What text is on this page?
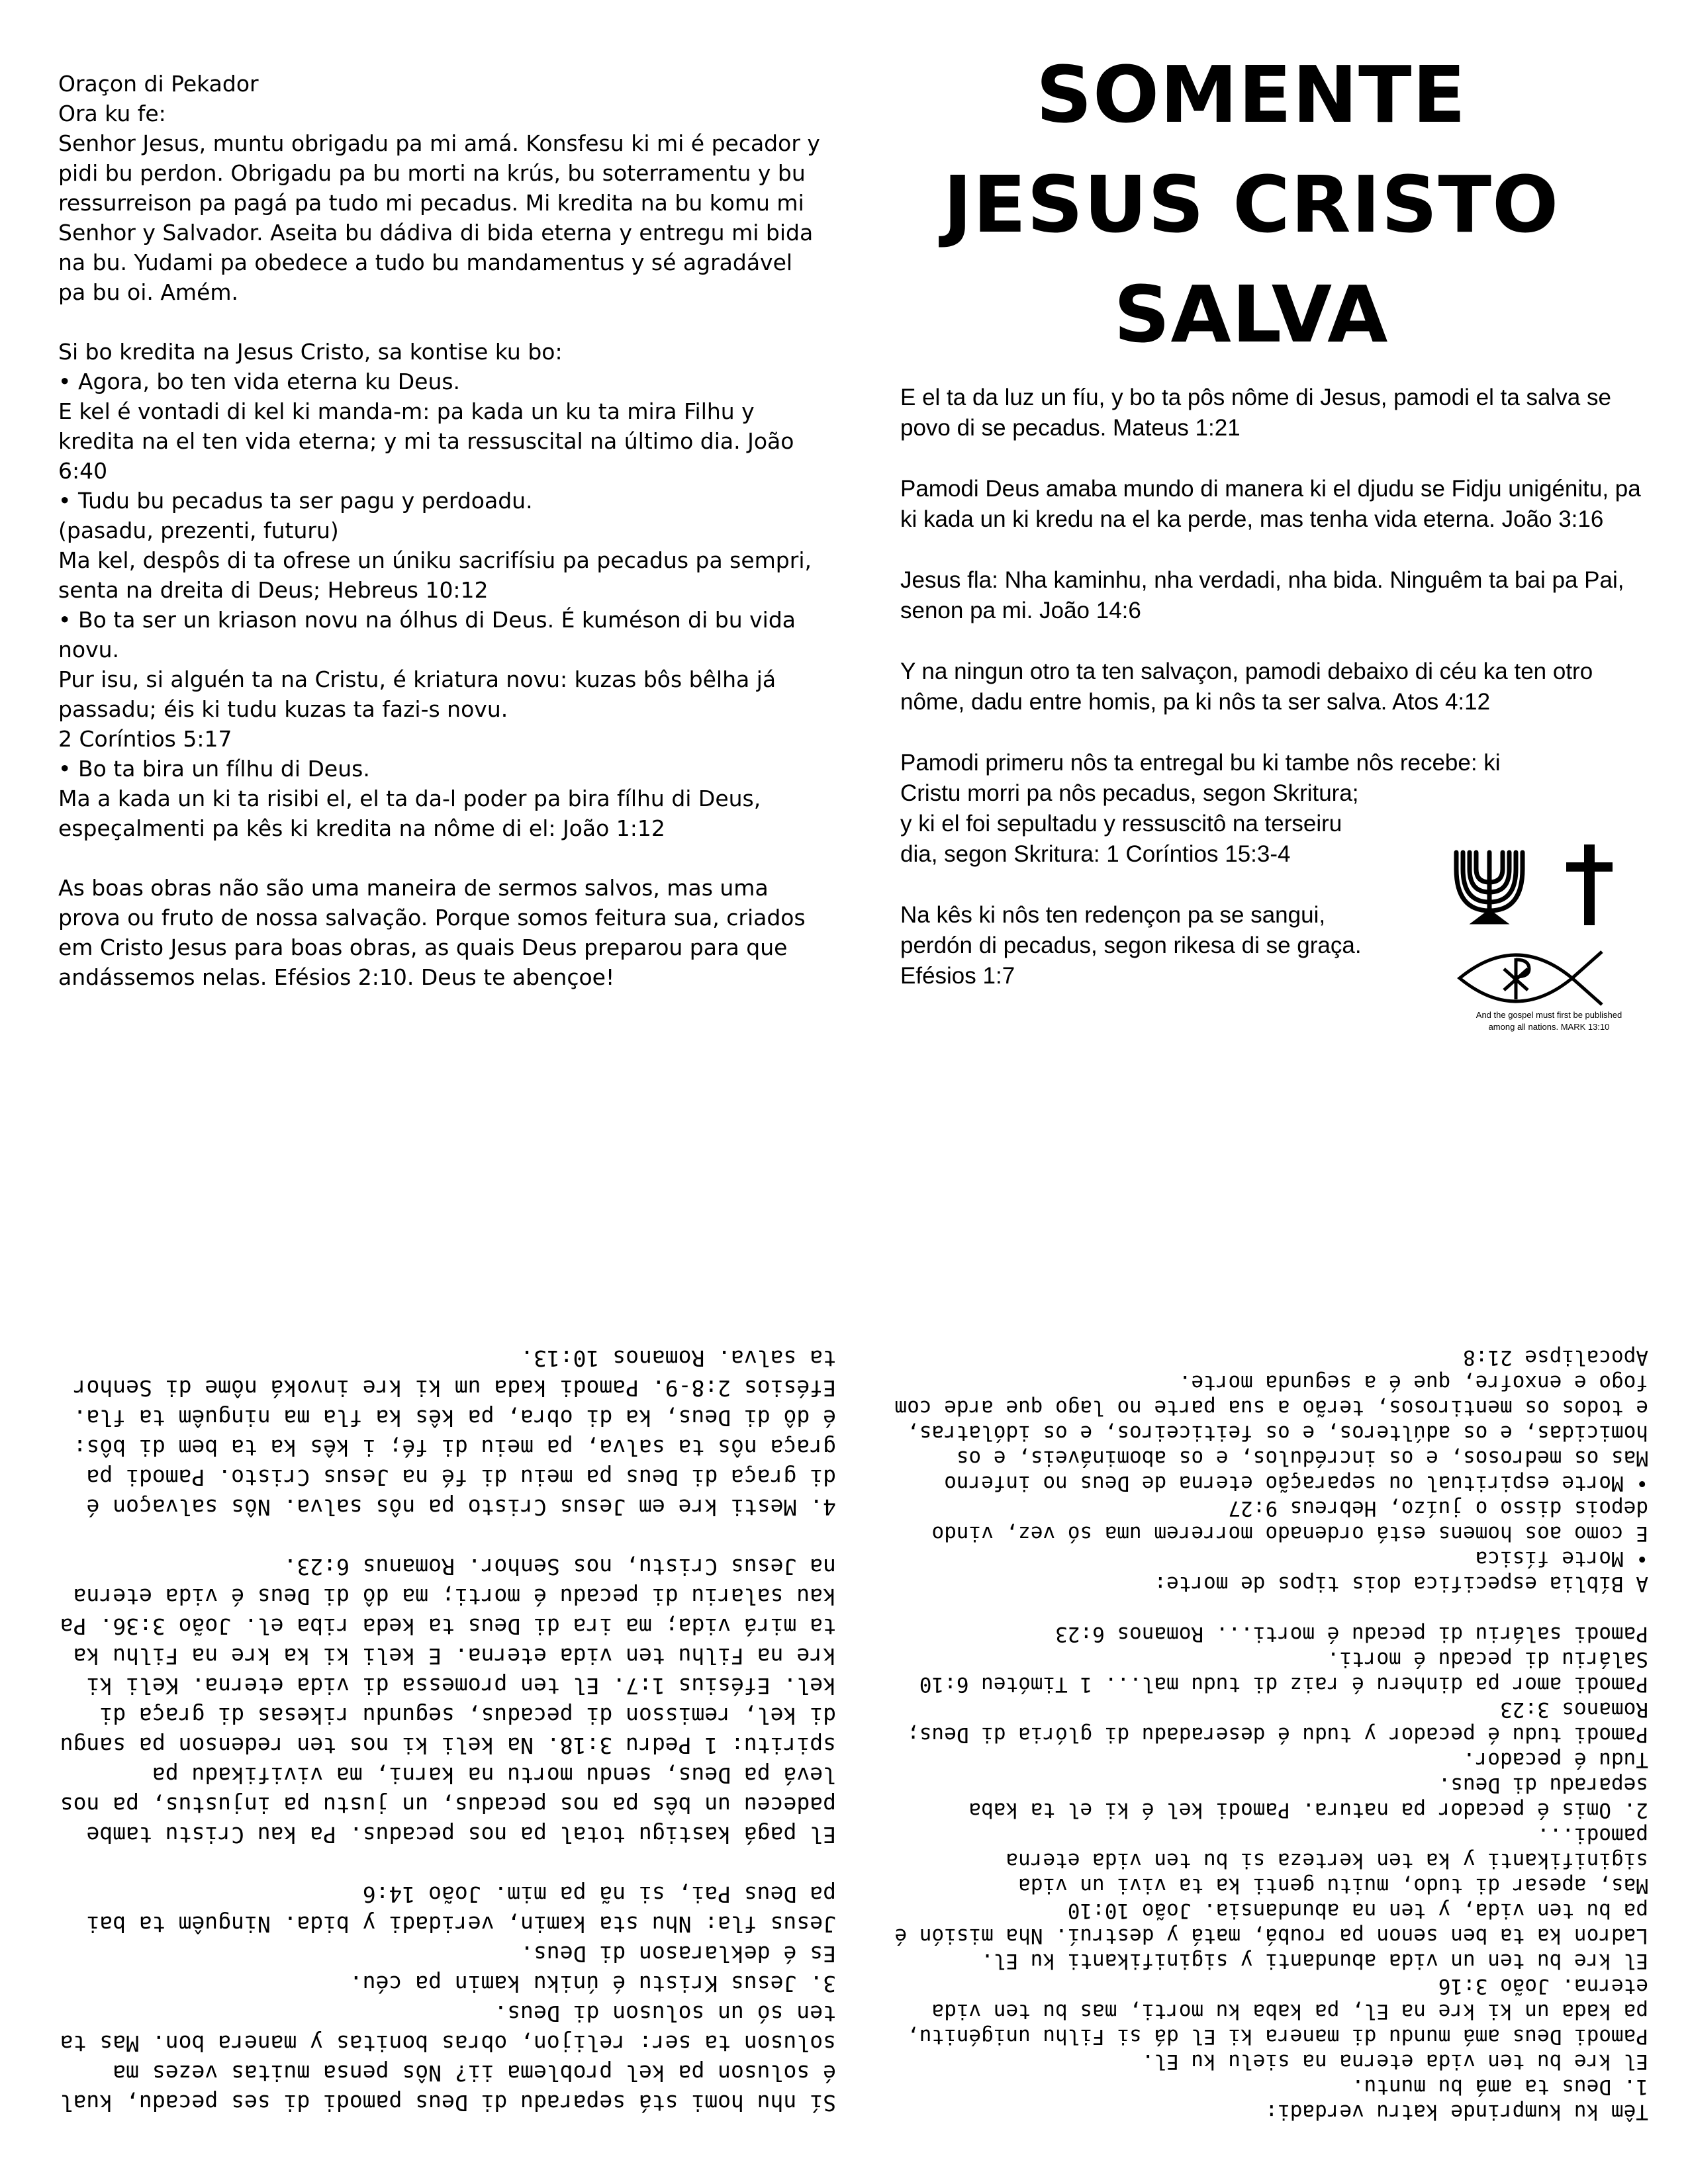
Oraçon di Pekador
Ora ku fe:
Senhor Jesus, muntu obrigadu pa mi amá. Konsfesu ki mi é pecador y pidi bu perdon. Obrigadu pa bu morti na krús, bu soterramentu y bu ressurreison pa pagá pa tudo mi pecadus. Mi kredita na bu komu mi Senhor y Salvador. Aseita bu dádiva di bida eterna y entregu mi bida na bu. Yudami pa obedece a tudo bu mandamentus y sé agradável pa bu oi. Amém.
Si bo kredita na Jesus Cristo, sa kontise ku bo:
• Agora, bo ten vida eterna ku Deus.
E kel é vontadi di kel ki manda-m: pa kada un ku ta mira Filhu y kredita na el ten vida eterna; y mi ta ressuscital na último dia. João 6:40
• Tudu bu pecadus ta ser pagu y perdoadu.
(pasadu, prezenti, futuru)
Ma kel, despôs di ta ofrese un úniku sacrifísiu pa pecadus pa sempri, senta na dreita di Deus; Hebreus 10:12
• Bo ta ser un kriason novu na ólhus di Deus. É kuméson di bu vida novu.
Pur isu, si alguén ta na Cristu, é kriatura novu: kuzas bôs bêlha já passadu; éis ki tudu kuzas ta fazi-s novu.
2 Coríntios 5:17
• Bo ta bira un fílhu di Deus.
Ma a kada un ki ta risibi el, el ta da-l poder pa bira fílhu di Deus, espeçalmenti pa kês ki kredita na nôme di el: João 1:12
As boas obras não são uma maneira de sermos salvos, mas uma prova ou fruto de nossa salvação. Porque somos feitura sua, criados em Cristo Jesus para boas obras, as quais Deus preparou para que andássemos nelas. Efésios 2:10. Deus te abençoe!
SOMENTE
JESUS CRISTO
SALVA
E el ta da luz un fíu, y bo ta pôs nôme di Jesus, pamodi el ta salva se povo di se pecadus. Mateus 1:21
Pamodi Deus amaba mundo di manera ki el djudu se Fidju unigénitu, pa ki kada un ki kredu na el ka perde, mas tenha vida eterna. João 3:16
Jesus fla: Nha kaminhu, nha verdadi, nha bida. Ninguêm ta bai pa Pai, senon pa mi. João 14:6
Y na ningun otro ta ten salvaçon, pamodi debaixo di céu ka ten otro nôme, dadu entre homis, pa ki nôs ta ser salva. Atos 4:12
Pamodi primeru nôs ta entregal bu ki tambe nôs recebe: ki
Cristu morri pa nôs pecadus, segon Skritura;
y ki el foi sepultadu y ressuscitô na terseiru
dia, segon Skritura: 1 Coríntios 15:3-4
Na kês ki nôs ten redençon pa se sangui,
perdón di pecadus, segon rikesa di se graça.
Efésios 1:7
And the gospel must first be published
among all nations. MARK 13:10
Sí nhu homi stá separadu di Deus pamodi di ses pecadu, kual é soluson pa kel problema ii? Nôs pensa muitas vezes ma soluson ta ser: relijon, obras bonitas y manera bon. Mas ta ten só un soluson di Deus.
3. Jesus Kristu é úniku kamin pa céu.
Es é deklarason di Deus.
Jesus fla: Nhu sta kamin, veridadi y bida. Ninguêm ta bai pa Deus Pai, si nã pa mim. João 14:6

El pagá kastigu total pa nos pecadus. Pa kau Cristu tambe padeceu un bês pa nos pecadus, un justu pa injustus, pa nos levá pa Deus, sendu mortu na karni, ma vivifikadu pa spiritu: 1 Pedru 3:18. Na keli ki nos ten redenson pa sangu di kel, remisson di pecadus, segundu rikesas di graça di kel. Efésius 1:7. El ten promessa di vida eterna. Keli ki kre na Filhu ten vida eterna. E keli ki ka kre na Filhu ka ta mirá vida; ma ira di Deus ta keda riba el. João 3:36. Pa kau salariu di pecadu é morti; ma dô di Deus é vida eterna na Jesus Cristu, nos Senhor. Romanus 6:23.

4. Mesti kre em Jesus Cristo pa nôs salva. Nôs salvaçon é di graça di Deus pa meiu di fé na Jesus Cristo. Pamodi pa graça nôs ta salva, pa meiu di fé; i kês ka ta bem di bôs: é dô di Deus, ka di obra, pa kês ka fla ma ninguêm ta fla. Efésios 2:8-9. Pamodi kada um ki kre invoká nôme di Senhor ta salva. Romanos 10:13.
Têm ku kumprinde katru verdadi:
1. Deus ta amá bu muntu.
El kre bu ten vida eterna na sielu ku El.
Pamodi Deus amá mundu di manera ki El dá si Filhu unigénitu, pa kada un ki kre na El, pa kaba ku morti, mas bu ten vida eterna. João 3:16
El kre bu ten un vida abundanti y siginifikanti ku El.
Ladron ka ta ben senon pa roubá, matá y destruí. Nha misión é pa bu ten vida, y ten na abundansia. João 10:10
Mas, apesar di tudo, muitu genti ka ta vivi un vida siginifikanti y ka ten kerteza si bu ten vida eterna pamodi...
2. Omis é pecador pa natura. Pamodi kel é ki el ta kaba separadu di Deus.
Tudu é pecador.
Pamodi tudu é pecador y tudu é deseradadu di glória di Deus; Romanos 3:23
Pamodi amor pa dinheru é raiz di tudu mal... 1 Timóteu 6:10
Saláriu di pecadu é morti.
Pamodi saláriu di pecadu é morti... Romanos 6:23

A Bíblia especifica dois tipos de morte:
• Morte física
E como aos homens está ordenado morrerem uma só vez, vindo depois disso o juízo, Hebreus 9:27
• Morte espiritual ou separação eterna de Deus no inferno
Mas os medrosos, e os incrédulos, e os abomináveis, e os homicidas, e os adúlteros, e os feiticeiros, e os idólatras, e todos os mentirosos, terão a sua parte no lago que arde com fogo e enxofre, que é a segunda morte.
Apocalipse 21:8
